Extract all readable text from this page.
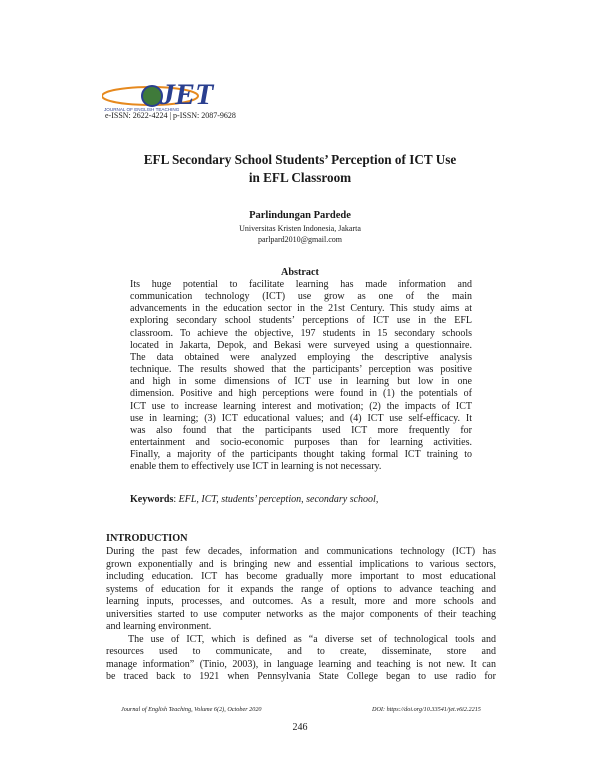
JET
JOURNAL OF ENGLISH TEACHING
e-ISSN: 2622-4224 | p-ISSN: 2087-9628
EFL Secondary School Students’ Perception of ICT Use
in EFL Classroom
Parlindungan Pardede
Universitas Kristen Indonesia, Jakarta
parlpard2010@gmail.com
Abstract
Its huge potential to facilitate learning has made information and
communication technology (ICT) use grow as one of the main
advancements in the education sector in the 21st Century. This study aims at
exploring secondary school students’ perceptions of ICT use in the EFL
classroom. To achieve the objective, 197 students in 15 secondary schools
located in Jakarta, Depok, and Bekasi were surveyed using a questionnaire.
The data obtained were analyzed employing the descriptive analysis
technique. The results showed that the participants’ perception was positive
and high in some dimensions of ICT use in learning but low in one
dimension. Positive and high perceptions were found in (1) the potentials of
ICT use to increase learning interest and motivation; (2) the impacts of ICT
use in learning; (3) ICT educational values; and (4) ICT use self-efficacy. It
was also found that the participants used ICT more frequently for
entertainment and socio-economic purposes than for learning activities.
Finally, a majority of the participants thought taking formal ICT training to
enable them to effectively use ICT in learning is not necessary.
Keywords: EFL, ICT, students’ perception, secondary school,
INTRODUCTION
During the past few decades, information and communications technology (ICT) has
grown exponentially and is bringing new and essential implications to various sectors,
including education. ICT has become gradually more important to most educational
systems of education for it expands the range of options to advance teaching and
learning inputs, processes, and outcomes. As a result, more and more schools and
universities started to use computer networks as the major components of their teaching
and learning environment.
The use of ICT, which is defined as “a diverse set of technological tools and
resources used to communicate, and to create, disseminate, store and
manage information” (Tinio, 2003), in language learning and teaching is not new. It can
be traced back to 1921 when Pennsylvania State College began to use radio for
Journal of English Teaching, Volume 6(2), October 2020	DOI: https://doi.org/10.33541/jet.v6i2.2215
246
